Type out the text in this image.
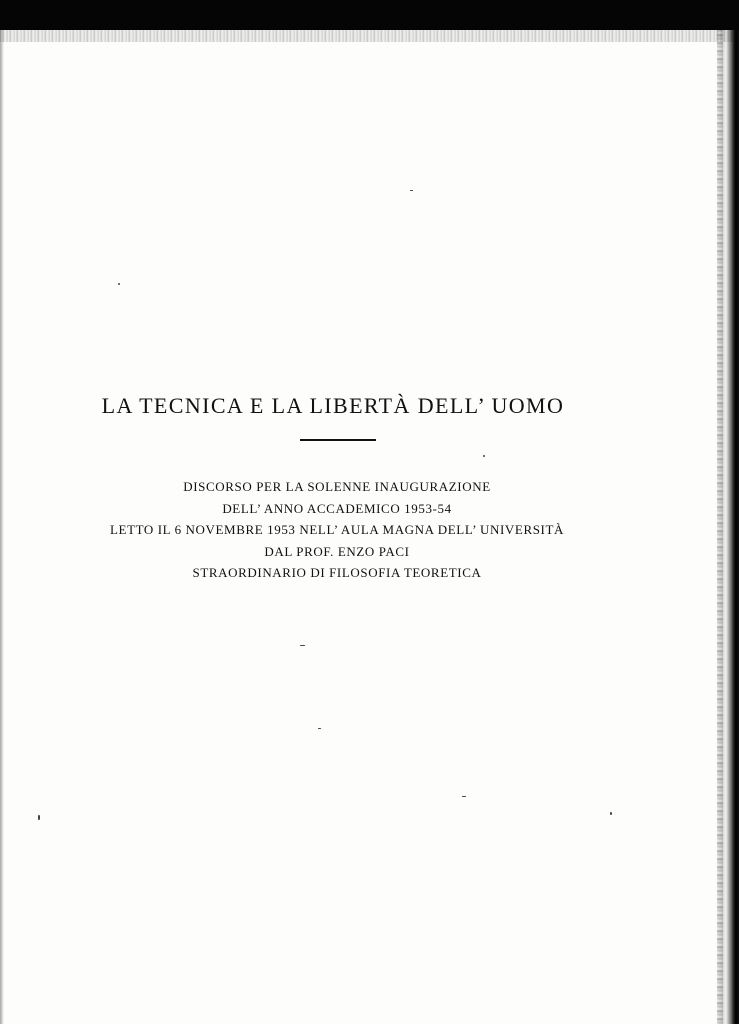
LA TECNICA E LA LIBERTÀ DELL’ UOMO
DISCORSO PER LA SOLENNE INAUGURAZIONE
DELL’ ANNO ACCADEMICO 1953-54
LETTO IL 6 NOVEMBRE 1953 NELL’ AULA MAGNA DELL’ UNIVERSITÀ
DAL PROF. ENZO PACI
STRAORDINARIO DI FILOSOFIA TEORETICA
